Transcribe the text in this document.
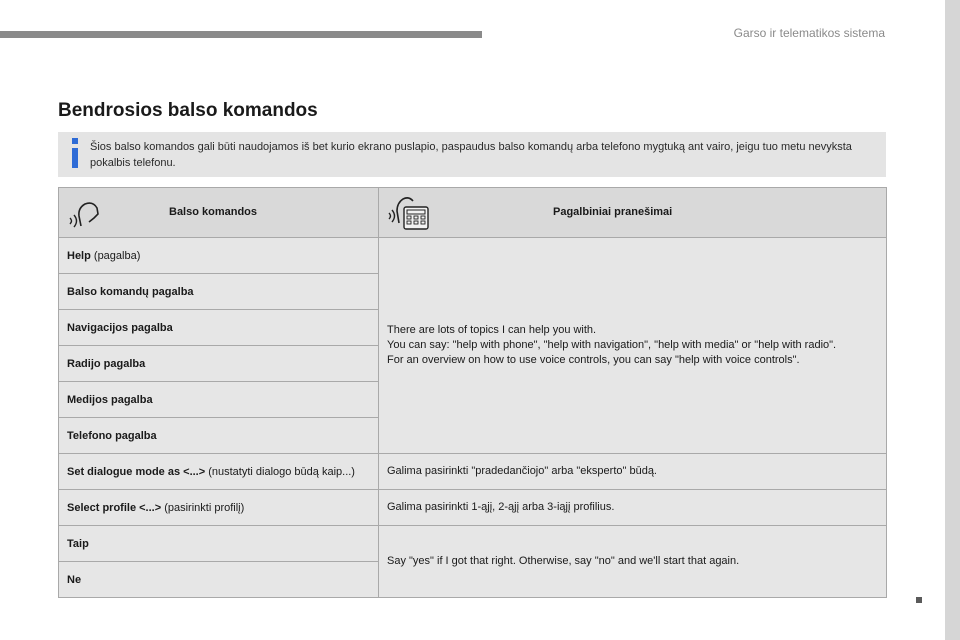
Garso ir telematikos sistema
Bendrosios balso komandos
Šios balso komandos gali būti naudojamos iš bet kurio ekrano puslapio, paspaudus balso komandų arba telefono mygtuką ant vairo, jeigu tuo metu nevyksta pokalbis telefonu.
Balso komandos	Pagalbiniai pranešimai

Help (pagalba)	There are lots of topics I can help you with.
You can say: "help with phone", "help with navigation", "help with media" or "help with radio".
For an overview on how to use voice controls, you can say "help with voice controls".

Balso komandų pagalba	
Navigacijos pagalba	
Radijo pagalba	
Medijos pagalba	
Telefono pagalba	
Set dialogue mode as <...> (nustatyti dialogo būdą kaip...)	Galima pasirinkti "pradedančiojo" arba "eksperto" būdą.
Select profile <...> (pasirinkti profilį)	Galima pasirinkti 1-ąjį, 2-ąjį arba 3-iąjį profilius.
Taip	Say "yes" if I got that right. Otherwise, say "no" and we'll start that again.
Ne	
